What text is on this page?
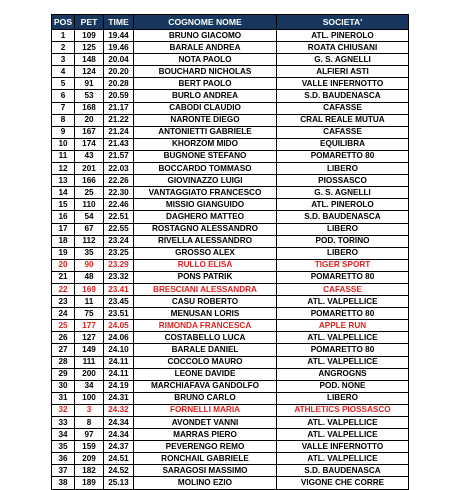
POS	PET	TIME	COGNOME NOME	SOCIETA'
1	109	19.44	BRUNO GIACOMO	ATL. PINEROLO
2	125	19.46	BARALE ANDREA	ROATA CHIUSANI
3	148	20.04	NOTA PAOLO	G. S. AGNELLI
4	124	20.20	BOUCHARD NICHOLAS	ALFIERI ASTI
5	91	20.28	BERT PAOLO	VALLE INFERNOTTO
6	53	20.59	BURLO ANDREA	S.D. BAUDENASCA
7	168	21.17	CABODI CLAUDIO	CAFASSE
8	20	21.22	NARONTE DIEGO	CRAL REALE MUTUA
9	167	21.24	ANTONIETTI GABRIELE	CAFASSE
10	174	21.43	KHORZOM MIDO	EQUILIBRA
11	43	21.57	BUGNONE STEFANO	POMARETTO 80
12	201	22.03	BOCCARDO TOMMASO	LIBERO
13	166	22.26	GIOVINAZZO LUIGI	PIOSSASCO
14	25	22.30	VANTAGGIATO FRANCESCO	G. S. AGNELLI
15	110	22.46	MISSIO GIANGUIDO	ATL. PINEROLO
16	54	22.51	DAGHERO MATTEO	S.D. BAUDENASCA
17	67	22.55	ROSTAGNO ALESSANDRO	LIBERO
18	112	23.24	RIVELLA ALESSANDRO	POD. TORINO
19	35	23.25	GROSSO ALEX	LIBERO
20	90	23.29	RULLO ELISA	TIGER SPORT
21	48	23.32	PONS PATRIK	POMARETTO 80
22	169	23.41	BRESCIANI ALESSANDRA	CAFASSE
23	11	23.45	CASU ROBERTO	ATL. VALPELLICE
24	75	23.51	MENUSAN LORIS	POMARETTO 80
25	177	24.05	RIMONDA FRANCESCA	APPLE RUN
26	127	24.06	COSTABELLO LUCA	ATL. VALPELLICE
27	149	24.10	BARALE DANIEL	POMARETTO 80
28	111	24.11	COCCOLO MAURO	ATL. VALPELLICE
29	200	24.11	LEONE DAVIDE	ANGROGNS
30	34	24.19	MARCHIAFAVA GANDOLFO	POD. NONE
31	100	24.31	BRUNO CARLO	LIBERO
32	3	24.32	FORNELLI MARIA	ATHLETICS PIOSSASCO
33	8	24.34	AVONDET VANNI	ATL. VALPELLICE
34	97	24.34	MARRAS PIERO	ATL. VALPELLICE
35	159	24.37	PEVERENGO REMO	VALLE INFERNOTTO
36	209	24.51	RONCHAIL GABRIELE	ATL. VALPELLICE
37	182	24.52	SARAGOSI MASSIMO	S.D. BAUDENASCA
38	189	25.13	MOLINO EZIO	VIGONE CHE CORRE
